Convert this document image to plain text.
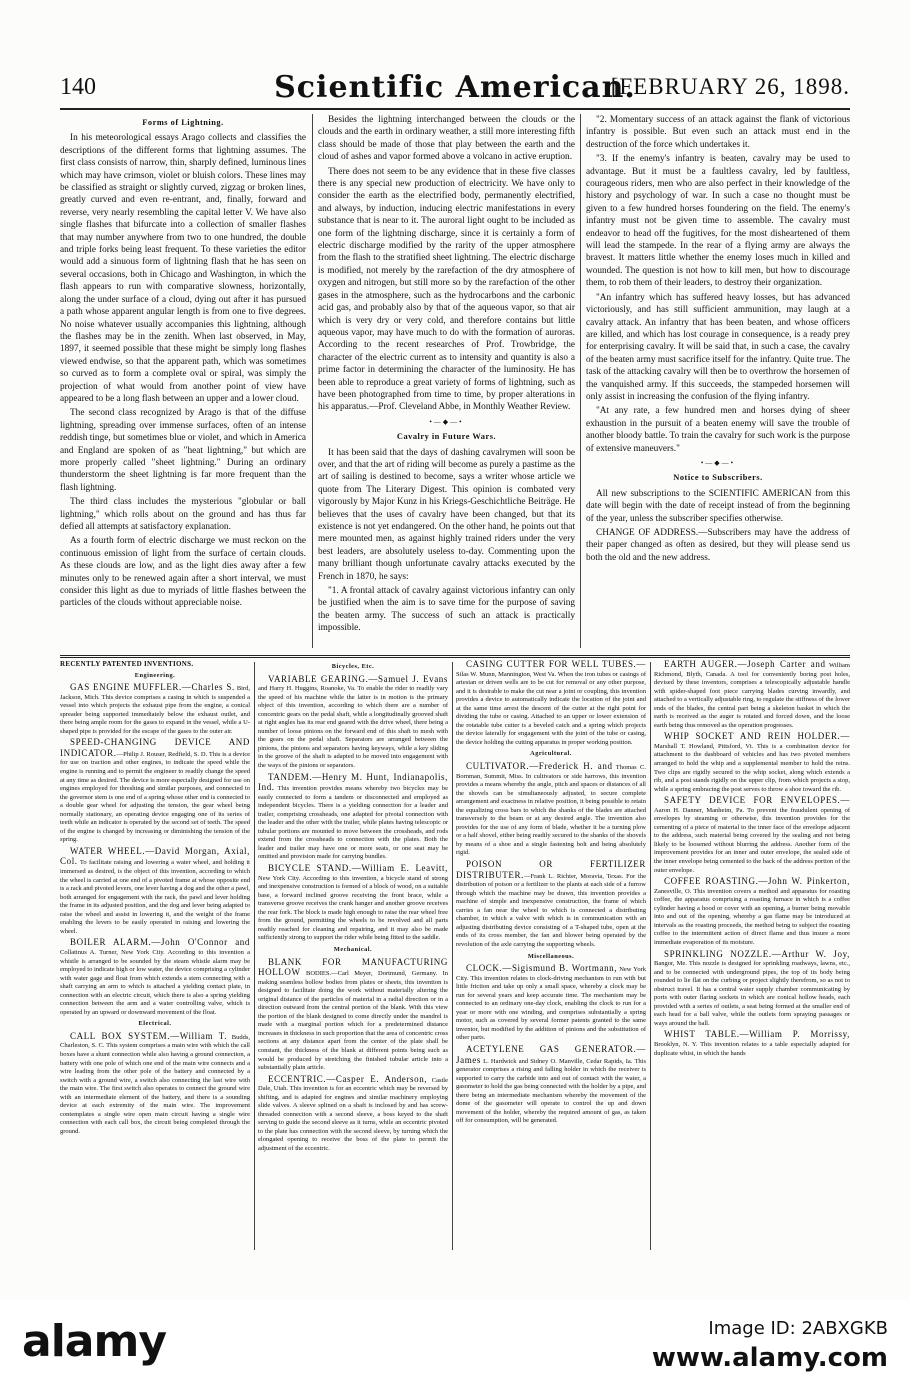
140	Scientific American.
[FEBRUARY 26, 1898.
Forms of Lightning.

In his meteorological essays Arago collects and classifies the descriptions of the different forms that lightning assumes. The first class consists of narrow, thin, sharply defined, luminous lines which may have crimson, violet or bluish colors. These lines may be classified as straight or slightly curved, zigzag or broken lines, greatly curved and even re-entrant, and, finally, forward and reverse, very nearly resembling the capital letter V. We have also single flashes that bifurcate into a collection of smaller flashes that may number anywhere from two to one hundred, the double and triple forks being least frequent. To these varieties the editor would add a sinuous form of lightning flash that he has seen on several occasions, both in Chicago and Washington, in which the flash appears to run with comparative slowness, horizontally, along the under surface of a cloud, dying out after it has pursued a path whose apparent angular length is from one to five degrees. No noise whatever usually accompanies this lightning, although the flashes may be in the zenith. When last observed, in May, 1897, it seemed possible that these might be simply long flashes viewed endwise, so that the apparent path, which was sometimes so curved as to form a complete oval or spiral, was simply the projection of what would from another point of view have appeared to be a long flash between an upper and a lower cloud.

The second class recognized by Arago is that of the diffuse lightning, spreading over immense surfaces, often of an intense reddish tinge, but sometimes blue or violet, and which in America and England are spoken of as "heat lightning," but which are more properly called "sheet lightning." During an ordinary thunderstorm the sheet lightning is far more frequent than the flash lightning.

The third class includes the mysterious "globular or ball lightning," which rolls about on the ground and has thus far defied all attempts at satisfactory explanation.

As a fourth form of electric discharge we must reckon on the continuous emission of light from the surface of certain clouds. As these clouds are low, and as the light dies away after a few minutes only to be renewed again after a short interval, we must consider this light as due to myriads of little flashes between the particles of the clouds without appreciable noise.

Besides the lightning interchanged between the clouds or the clouds and the earth in ordinary weather, a still more interesting fifth class should be made of those that play between the earth and the cloud of ashes and vapor formed above a volcano in active eruption.

There does not seem to be any evidence that in these five classes there is any special new production of electricity. We have only to consider the earth as the electrified body, permanently electrified, and always, by induction, inducing electric manifestations in every substance that is near to it. The auroral light ought to be included as one form of the lightning discharge, since it is certainly a form of electric discharge modified by the rarity of the upper atmosphere from the flash to the stratified sheet lightning. The electric discharge is modified, not merely by the rarefaction of the dry atmosphere of oxygen and nitrogen, but still more so by the rarefaction of the other gases in the atmosphere, such as the hydrocarbons and the carbonic acid gas, and probably also by that of the aqueous vapor, so that air which is very dry or very cold, and therefore contains but little aqueous vapor, may have much to do with the formation of auroras. According to the recent researches of Prof. Trowbridge, the character of the electric current as to intensity and quantity is also a prime factor in determining the character of the luminosity. He has been able to reproduce a great variety of forms of lightning, such as have been photographed from time to time, by proper alterations in his apparatus.—Prof. Cleveland Abbe, in Monthly Weather Review.

•—◆—•
Cavalry in Future Wars.

It has been said that the days of dashing cavalrymen will soon be over, and that the art of riding will become as purely a pastime as the art of sailing is destined to become, says a writer whose article we quote from The Literary Digest. This opinion is combated very vigorously by Major Kunz in his Kriegs-Geschichtliche Beiträge. He believes that the uses of cavalry have been changed, but that its existence is not yet endangered. On the other hand, he points out that mere mounted men, as against highly trained riders under the very best leaders, are absolutely useless to-day. Commenting upon the many brilliant though unfortunate cavalry attacks executed by the French in 1870, he says:

"1. A frontal attack of cavalry against victorious infantry can only be justified when the aim is to save time for the purpose of saving the beaten army. The success of such an attack is practically impossible.

"2. Momentary success of an attack against the flank of victorious infantry is possible. But even such an attack must end in the destruction of the force which undertakes it.

"3. If the enemy's infantry is beaten, cavalry may be used to advantage. But it must be a faultless cavalry, led by faultless, courageous riders, men who are also perfect in their knowledge of the history and psychology of war. In such a case no thought must be given to a few hundred horses foundering on the field. The enemy's infantry must not be given time to assemble. The cavalry must endeavor to head off the fugitives, for the most disheartened of them will lead the stampede. In the rear of a flying army are always the bravest. It matters little whether the enemy loses much in killed and wounded. The question is not how to kill men, but how to discourage them, to rob them of their leaders, to destroy their organization.

"An infantry which has suffered heavy losses, but has advanced victoriously, and has still sufficient ammunition, may laugh at a cavalry attack. An infantry that has been beaten, and whose officers are killed, and which has lost courage in consequence, is a ready prey for enterprising cavalry. It will be said that, in such a case, the cavalry of the beaten army must sacrifice itself for the infantry. Quite true. The task of the attacking cavalry will then be to overthrow the horsemen of the vanquished army. If this succeeds, the stampeded horsemen will only assist in increasing the confusion of the flying infantry.

"At any rate, a few hundred men and horses dying of sheer exhaustion in the pursuit of a beaten enemy will save the trouble of another bloody battle. To train the cavalry for such work is the purpose of extensive maneuvers."

•—◆—•
Notice to Subscribers.

All new subscriptions to the SCIENTIFIC AMERICAN from this date will begin with the date of receipt instead of from the beginning of the year, unless the subscriber specifies otherwise.

CHANGE OF ADDRESS.—Subscribers may have the address of their paper changed as often as desired, but they will please send us both the old and the new address.

RECENTLY PATENTED INVENTIONS.
Engineering.

GAS ENGINE MUFFLER.—Charles S. Bird, Jackson, Mich. This device comprises a casing in which is suspended a vessel into which projects the exhaust pipe from the engine, a conical spreader being supported immediately below the exhaust outlet, and there being ample room for the gases to expand in the vessel, while a U-shaped pipe is provided for the escape of the gases to the outer air.

SPEED-CHANGING DEVICE AND INDICATOR.—Philip J. Rouser, Redfield, S. D. This is a device for use on traction and other engines, to indicate the speed while the engine is running and to permit the engineer to readily change the speed at any time as desired. The device is more especially designed for use on engines employed for threshing and similar purposes, and connected to the governor stem is one end of a spring whose other end is connected to a double gear wheel for adjusting the tension, the gear wheel being normally stationary, an operating device engaging one of its series of teeth while an indicator is operated by the second set of teeth. The speed of the engine is changed by increasing or diminishing the tension of the spring.

WATER WHEEL.—David Morgan, Axial, Col. To facilitate raising and lowering a water wheel, and holding it immersed as desired, is the object of this invention, according to which the wheel is carried at one end of a pivoted frame at whose opposite end is a rack and pivoted levers, one lever having a dog and the other a pawl, both arranged for engagement with the rack, the pawl and lever holding the frame in its adjusted position, and the dog and lever being adapted to raise the wheel and assist in lowering it, and the weight of the frame enabling the levers to be easily operated in raising and lowering the wheel.

BOILER ALARM.—John O'Connor and Collatinus A. Turner, New York City. According to this invention a whistle is arranged to be sounded by the steam whistle alarm may be employed to indicate high or low water, the device comprising a cylinder with water gage and float from which extends a stem connecting with a shaft carrying an arm to which is attached a yielding contact plate, in connection with an electric circuit, which there is also a spring yielding connection between the arm and a water controlling valve, which is operated by an upward or downward movement of the float.

Electrical.

CALL BOX SYSTEM.—William T. Budds, Charleston, S. C. This system comprises a main wire with which the call boxes have a shunt connection while also having a ground connection, a battery with one pole of which one end of the main wire connects and a wire leading from the other pole of the battery and connected by a switch with a ground wire, a switch also connecting the last wire with the main wire. The first switch also operates to connect the ground wire with an intermediate element of the battery, and there is a sounding device at each extremity of the main wire. The improvement contemplates a single wire open main circuit having a single wire connection with each call box, the circuit being completed through the ground.

Bicycles, Etc.

VARIABLE GEARING.—Samuel J. Evans and Harry H. Huggins, Roanoke, Va. To enable the rider to readily vary the speed of his machine while the latter is in motion is the primary object of this invention, according to which there are a number of concentric gears on the pedal shaft, while a longitudinally grooved shaft at right angles has its rear end geared with the drive wheel, there being a number of loose pinions on the forward end of this shaft to mesh with the gears on the pedal shaft. Separators are arranged between the pinions, the pinions and separators having keyways, while a key sliding in the groove of the shaft is adapted to be moved into engagement with the ways of the pinions or separators.

TANDEM.—Henry M. Hunt, Indianapolis, Ind. This invention provides means whereby two bicycles may be easily connected to form a tandem or disconnected and employed as independent bicycles. There is a yielding connection for a leader and trailer, comprising crossheads, one adapted for pivotal connection with the leader and the other with the trailer, while plates having telescopic or tubular portions are mounted to move between the crossheads, and rods extend from the crossheads to connection with the plates. Both the leader and trailer may have one or more seats, or one seat may be omitted and provision made for carrying bundles.

BICYCLE STAND.—William E. Leavitt, New York City. According to this invention, a bicycle stand of strong and inexpensive construction is formed of a block of wood, on a suitable base, a forward inclined groove receiving the front brace, while a transverse groove receives the crank hanger and another groove receives the rear fork. The block is made high enough to raise the rear wheel free from the ground, permitting the wheels to be revolved and all parts readily reached for cleaning and repairing, and it may also be made sufficiently strong to support the rider while being fitted to the saddle.

Mechanical.

BLANK FOR MANUFACTURING HOLLOW BODIES.—Carl Meyer, Dortmund, Germany. In making seamless hollow bodies from plates or sheets, this invention is designed to facilitate doing the work without materially altering the original distance of the particles of material in a radial direction or in a direction outward from the central portion of the blank. With this view the portion of the blank designed to come directly under the mandrel is made with a marginal portion which for a predetermined distance increases in thickness in such proportion that the area of concentric cross sections at any distance apart from the center of the plate shall be constant, the thickness of the blank at different points being such as would be produced by stretching the finished tubular article into a substantially plain article.

ECCENTRIC.—Casper E. Anderson, Castle Dale, Utah. This invention is for an eccentric which may be reversed by shifting, and is adapted for engines and similar machinery employing slide valves. A sleeve splined on a shaft is inclosed by and has screw-threaded connection with a second sleeve, a boss keyed to the shaft serving to guide the second sleeve as it turns, while an eccentric pivoted to the plate has connection with the second sleeve, by turning which the elongated opening to receive the boss of the plate to permit the adjustment of the eccentric.

CASING CUTTER FOR WELL TUBES.— Silas W. Munn, Mannington, West Va. When the iron tubes or casings of artesian or driven wells are to be cut for removal or any other purpose, and it is desirable to make the cut near a joint or coupling, this invention provides a device to automatically indicate the location of the joint and at the same time arrest the descent of the cutter at the right point for dividing the tube or casing. Attached to an upper or lower extension of the rotatable tube cutter is a beveled catch and a spring which projects the device laterally for engagement with the joint of the tube or casing, the device holding the cutting apparatus in proper working position.

Agricultural.

CULTIVATOR.—Frederick H. and Thomas C. Bornman, Summit, Miss. In cultivators or side harrows, this invention provides a means whereby the angle, pitch and spaces or distances of all the shovels can be simultaneously adjusted, to secure complete arrangement and exactness in relative position, it being possible to retain the equalizing cross bars to which the shanks of the blades are attached transversely to the beam or at any desired angle. The invention also provides for the use of any form of blade, whether it be a turning plow or a half shovel, either being readily secured to the shanks of the shovels by means of a shoe and a single fastening bolt and being absolutely rigid.

POISON OR FERTILIZER DISTRIBUTER.—Frank L. Richter, Moravia, Texas. For the distribution of poison or a fertilizer to the plants at each side of a furrow through which the machine may be drawn, this invention provides a machine of simple and inexpensive construction, the frame of which carries a fan near the wheel to which is connected a distributing chamber, in which a valve with which is in communication with an adjusting distributing device consisting of a T-shaped tube, open at the ends of its cross member, the fan and blower being operated by the revolution of the axle carrying the supporting wheels.

Miscellaneous.

CLOCK.—Sigismund B. Wortmann, New York City. This invention relates to clock-driving mechanism to run with but little friction and take up only a small space, whereby a clock may be run for several years and keep accurate time. The mechanism may be connected to an ordinary one-day clock, enabling the clock to run for a year or more with one winding, and comprises substantially a spring motor, such as covered by several former patents granted to the same inventor, but modified by the addition of pinions and the substitution of other parts.

ACETYLENE GAS GENERATOR.—James L. Hardwick and Sidney O. Manville, Cedar Rapids, Ia. This generator comprises a rising and falling holder in which the receiver is supported to carry the carbide into and out of contact with the water, a gasometer to hold the gas being connected with the holder by a pipe, and there being an intermediate mechanism whereby the movement of the dome of the gasometer will operate to control the up and down movement of the holder, whereby the required amount of gas, as taken off for consumption, will be generated.

EARTH AUGER.—Joseph Carter and William Richmond, Blyth, Canada. A tool for conveniently boring post holes, devised by these inventors, comprises a telescopically adjustable handle with spider-shaped foot piece carrying blades curving inwardly, and attached to a vertically adjustable ring, to regulate the stiffness of the lower ends of the blades, the central part being a skeleton basket in which the earth is received as the auger is rotated and forced down, and the loose earth being thus removed as the operation progresses.

WHIP SOCKET AND REIN HOLDER.— Marshall T. Howland, Pittsford, Vt. This is a combination device for attachment to the dashboard of vehicles and has two pivoted members arranged to hold the whip and a supplemental member to hold the reins. Two clips are rigidly secured to the whip socket, along which extends a rib, and a post stands rigidly on the upper clip, from which projects a stop, while a spring embracing the post serves to throw a shoe toward the rib.

SAFETY DEVICE FOR ENVELOPES.— Aaron H. Danner, Manheim, Pa. To prevent the fraudulent opening of envelopes by steaming or otherwise, this invention provides for the cementing of a piece of material to the inner face of the envelope adjacent to the address, such material being covered by the sealing and not being likely to be loosened without blurring the address. Another form of the improvement provides for an inner and outer envelope, the sealed side of the inner envelope being cemented to the back of the address portion of the outer envelope.

COFFEE ROASTING.—John W. Pinkerton, Zanesville, O. This invention covers a method and apparatus for roasting coffee, the apparatus comprising a roasting furnace in which is a coffee cylinder having a hood or cover with an opening, a burner being movable into and out of the opening, whereby a gas flame may be introduced at intervals as the roasting proceeds, the method being to subject the roasting coffee to the intermittent action of direct flame and thus insure a more immediate evaporation of its moisture.

SPRINKLING NOZZLE.—Arthur W. Joy, Bangor, Me. This nozzle is designed for sprinkling roadways, lawns, etc., and to be connected with underground pipes, the top of its body being rounded to lie flat on the curbing or project slightly therefrom, so as not to obstruct travel. It has a central water supply chamber communicating by ports with outer flaring sockets in which are conical hollow heads, each provided with a series of outlets, a seat being formed at the smaller end of each head for a ball valve, while the outlets form spraying passages or ways around the ball.

WHIST TABLE.—William P. Morrissy, Brooklyn, N. Y. This invention relates to a table especially adapted for duplicate whist, in which the hands

alamy	Image ID: 2ABXGKB
www.alamy.com
